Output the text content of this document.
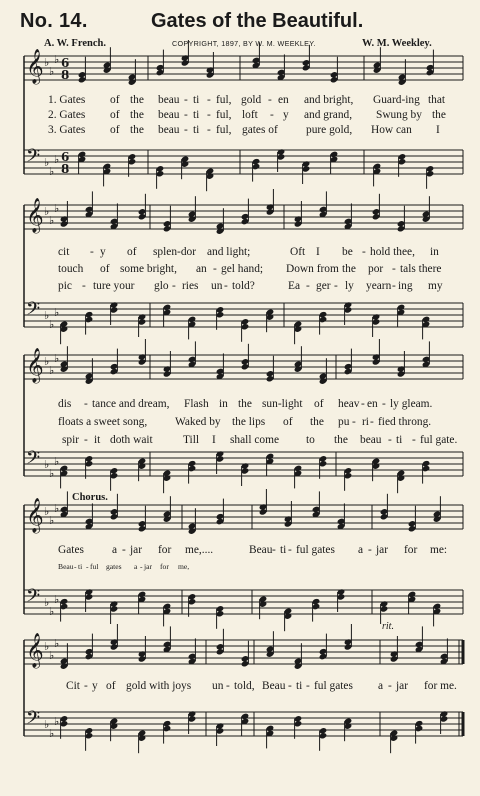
No. 14.	Gates of the Beautiful.
A. W. French.	COPYRIGHT, 1897, BY W. M. WEEKLEY.	W. M. Weekley.
𝄞 ♭
♭
♭ 6
8
𝄢 ♭
♭
♭ 6
8
𝄞 ♭
♭
♭
𝄢 ♭
♭
♭
𝄞 ♭
♭
♭
𝄢 ♭
♭
♭
𝄞 ♭
♭
♭
𝄢 ♭
♭
♭
𝄞 ♭
♭
♭
𝄢 ♭
♭
♭
1. Gates of the beau - ti - ful, gold - en and bright, Guard-ing that
2. Gates of the beau - ti - ful, loft - y and grand, Swung by the
3. Gates of the beau - ti - ful, gates of pure gold, How can I
cit - y of splen-dor and light;	Oft I be - hold thee, in
touch of some bright, an - gel hand; Down from the por - tals there
pic - ture your glo - ries un - told?	Ea - ger - ly yearn - ing my
dis - tance and dream, Flash in the sun-light of heav - en - ly gleam.
floats a sweet song, Waked by the lips of the pu - ri - fied throng.
spir - it doth wait	Till I shall come to the beau - ti - ful gate.
Chorus.
Gates a - jar for me,....	Beau - ti - ful gates a - jar for me:
Beau - ti - ful gates a - jar for me,
rit.
Cit - y of gold with joys un - told, Beau - ti - ful gates a - jar for me.
